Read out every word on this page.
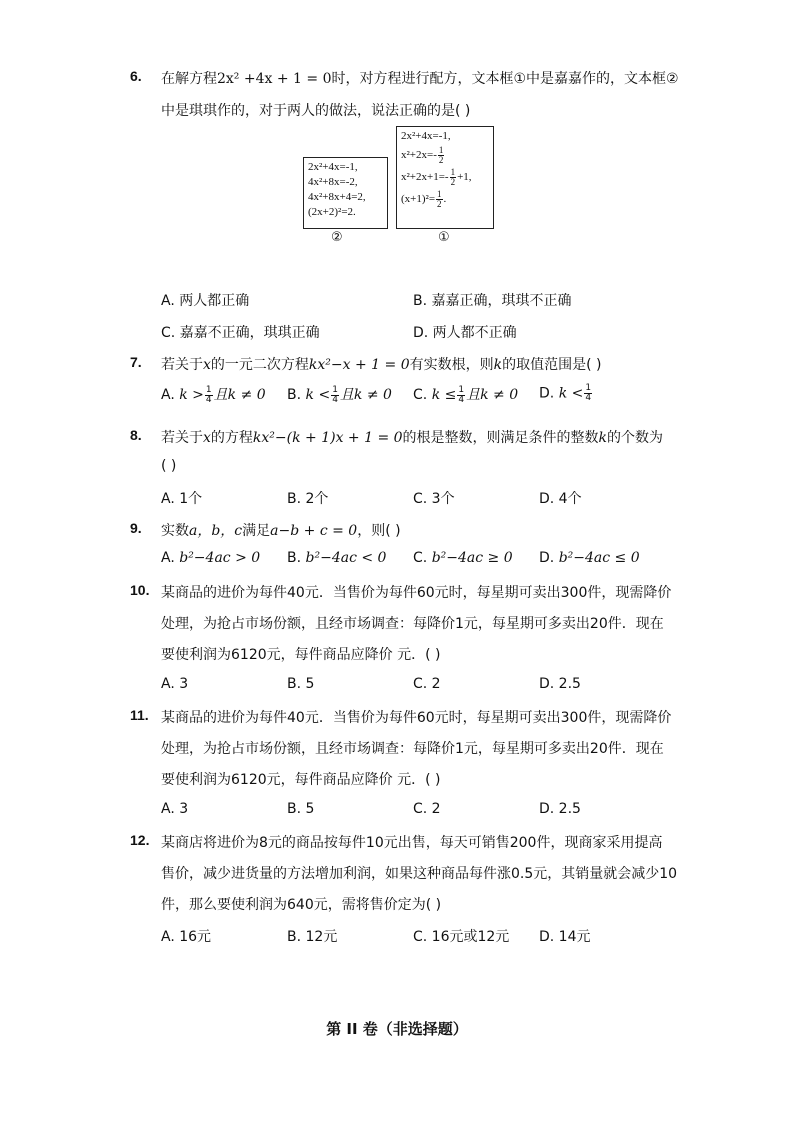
6. 在解方程2x² +4x + 1 = 0时，对方程进行配方，文本框①中是嘉嘉作的，文本框②
中是琪琪作的，对于两人的做法，说法正确的是( )
2x²+4x=-1,
4x²+8x=-2,
4x²+8x+4=2,
(2x+2)²=2.
②
2x²+4x=-1,
$x^2+2x=- \frac{1}{2}$
$x^2+2x+1=- \frac{1}{2} +1$,
$(x+1)^2= \frac{1}{2}$ .
①
A. 两人都正确	B. 嘉嘉正确，琪琪不正确
C. 嘉嘉不正确，琪琪正确	D. 两人都不正确
7. 若关于x的一元二次方程kx²−x + 1 = 0有实数根，则k的取值范围是( )
A. $k > \frac{1}{4}$ 且k ≠ 0 B. $k < \frac{1}{4}$ 且k ≠ 0 C. $k \le \frac{1}{4}$ 且k ≠ 0 D. $k < \frac{1}{4}$
8. 若关于x的方程kx²−(k + 1)x + 1 = 0的根是整数，则满足条件的整数k的个数为
( )
A. 1个	B. 2个	C. 3个	D. 4个
9. 实数a，b，c满足a−b + c = 0，则( )
A. b²−4ac > 0 B. b²−4ac < 0 C. b²−4ac ≥ 0 D. b²−4ac ≤ 0
10. 某商品的进价为每件40元．当售价为每件60元时，每星期可卖出300件，现需降价
处理，为抢占市场份额，且经市场调查：每降价1元，每星期可多卖出20件．现在
要使利润为6120元，每件商品应降价 元．( )
A. 3	B. 5	C. 2	D. 2.5
11. 某商品的进价为每件40元．当售价为每件60元时，每星期可卖出300件，现需降价
处理，为抢占市场份额，且经市场调查：每降价1元，每星期可多卖出20件．现在
要使利润为6120元，每件商品应降价 元．( )
A. 3	B. 5	C. 2	D. 2.5
12. 某商店将进价为8元的商品按每件10元出售，每天可销售200件，现商家采用提高
售价，减少进货量的方法增加利润，如果这种商品每件涨0.5元，其销量就会减少10
件，那么要使利润为640元，需将售价定为( )
A. 16元	B. 12元	C. 16元或12元 D. 14元
第 II 卷（非选择题）
